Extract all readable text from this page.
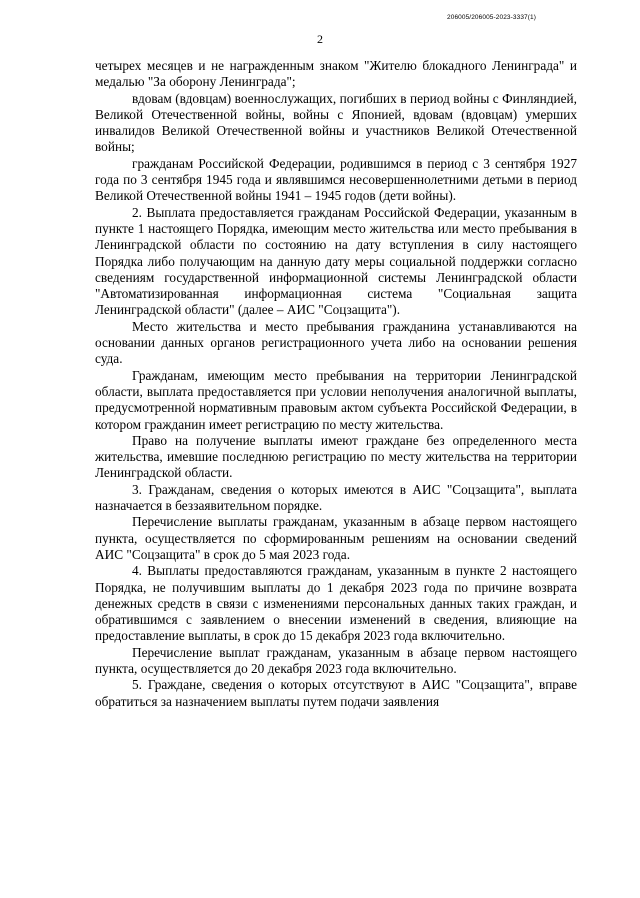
206005/206005-2023-3337(1)
2

четырех месяцев и не награжденным знаком "Жителю блокадного Ленинграда" и медалью "За оборону Ленинграда";

вдовам (вдовцам) военнослужащих, погибших в период войны с Финляндией, Великой Отечественной войны, войны с Японией, вдовам (вдовцам) умерших инвалидов Великой Отечественной войны и участников Великой Отечественной войны;

гражданам Российской Федерации, родившимся в период с 3 сентября 1927 года по 3 сентября 1945 года и являвшимся несовершеннолетними детьми в период Великой Отечественной войны 1941 – 1945 годов (дети войны).

2. Выплата предоставляется гражданам Российской Федерации, указанным в пункте 1 настоящего Порядка, имеющим место жительства или место пребывания в Ленинградской области по состоянию на дату вступления в силу настоящего Порядка либо получающим на данную дату меры социальной поддержки согласно сведениям государственной информационной системы Ленинградской области "Автоматизированная информационная система "Социальная защита Ленинградской области" (далее – АИС "Соцзащита").

Место жительства и место пребывания гражданина устанавливаются на основании данных органов регистрационного учета либо на основании решения суда.

Гражданам, имеющим место пребывания на территории Ленинградской области, выплата предоставляется при условии неполучения аналогичной выплаты, предусмотренной нормативным правовым актом субъекта Российской Федерации, в котором гражданин имеет регистрацию по месту жительства.

Право на получение выплаты имеют граждане без определенного места жительства, имевшие последнюю регистрацию по месту жительства на территории Ленинградской области.

3. Гражданам, сведения о которых имеются в АИС "Соцзащита", выплата назначается в беззаявительном порядке.

Перечисление выплаты гражданам, указанным в абзаце первом настоящего пункта, осуществляется по сформированным решениям на основании сведений АИС "Соцзащита" в срок до 5 мая 2023 года.

4. Выплаты предоставляются гражданам, указанным в пункте 2 настоящего Порядка, не получившим выплаты до 1 декабря 2023 года по причине возврата денежных средств в связи с изменениями персональных данных таких граждан, и обратившимся с заявлением о внесении изменений в сведения, влияющие на предоставление выплаты, в срок до 15 декабря 2023 года включительно.

Перечисление выплат гражданам, указанным в абзаце первом настоящего пункта, осуществляется до 20 декабря 2023 года включительно.

5. Граждане, сведения о которых отсутствуют в АИС "Соцзащита", вправе обратиться за назначением выплаты путем подачи заявления
